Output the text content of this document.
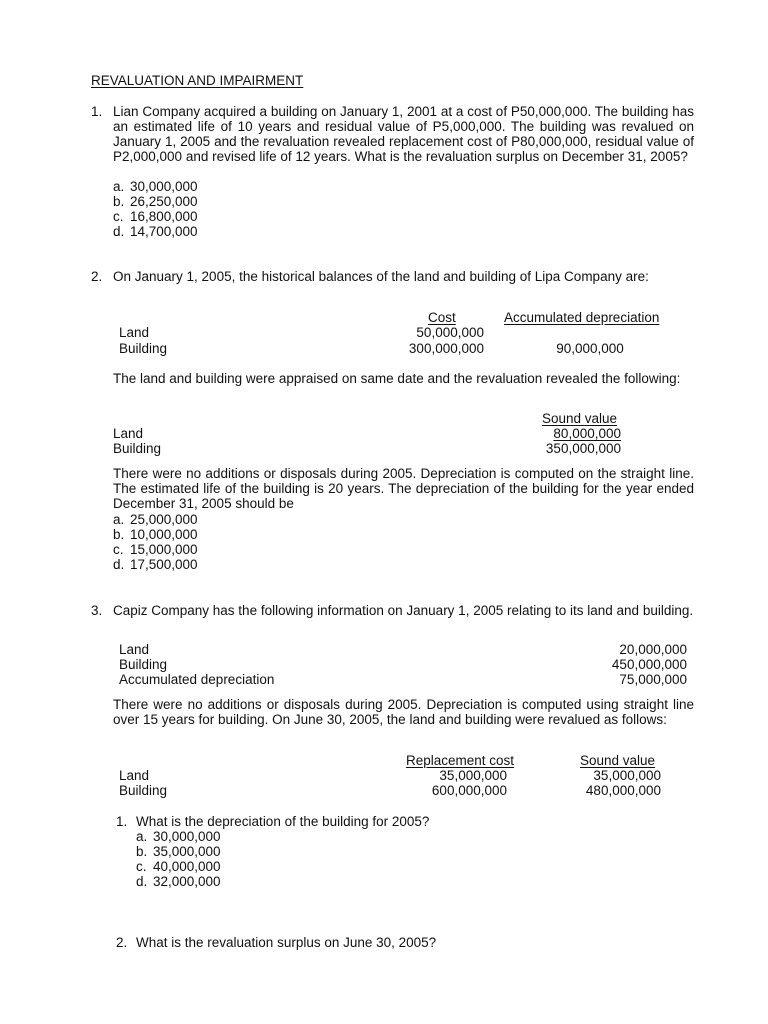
REVALUATION AND IMPAIRMENT
1. Lian Company acquired a building on January 1, 2001 at a cost of P50,000,000. The building has an estimated life of 10 years and residual value of P5,000,000. The building was revalued on January 1, 2005 and the revaluation revealed replacement cost of P80,000,000, residual value of P2,000,000 and revised life of 12 years. What is the revaluation surplus on December 31, 2005?
a. 30,000,000
b. 26,250,000
c. 16,800,000
d. 14,700,000
2. On January 1, 2005, the historical balances of the land and building of Lipa Company are:
Cost	Accumulated depreciation
Land	50,000,000
Building	300,000,000	90,000,000
The land and building were appraised on same date and the revaluation revealed the following:
Sound value
Land	80,000,000
Building	350,000,000
There were no additions or disposals during 2005. Depreciation is computed on the straight line. The estimated life of the building is 20 years. The depreciation of the building for the year ended December 31, 2005 should be
a. 25,000,000
b. 10,000,000
c. 15,000,000
d. 17,500,000
3. Capiz Company has the following information on January 1, 2005 relating to its land and building.
Land	20,000,000
Building	450,000,000
Accumulated depreciation	75,000,000
There were no additions or disposals during 2005. Depreciation is computed using straight line over 15 years for building. On June 30, 2005, the land and building were revalued as follows:
Replacement cost	Sound value
Land	35,000,000	35,000,000
Building	600,000,000	480,000,000
1. What is the depreciation of the building for 2005?
a. 30,000,000
b. 35,000,000
c. 40,000,000
d. 32,000,000
2. What is the revaluation surplus on June 30, 2005?
